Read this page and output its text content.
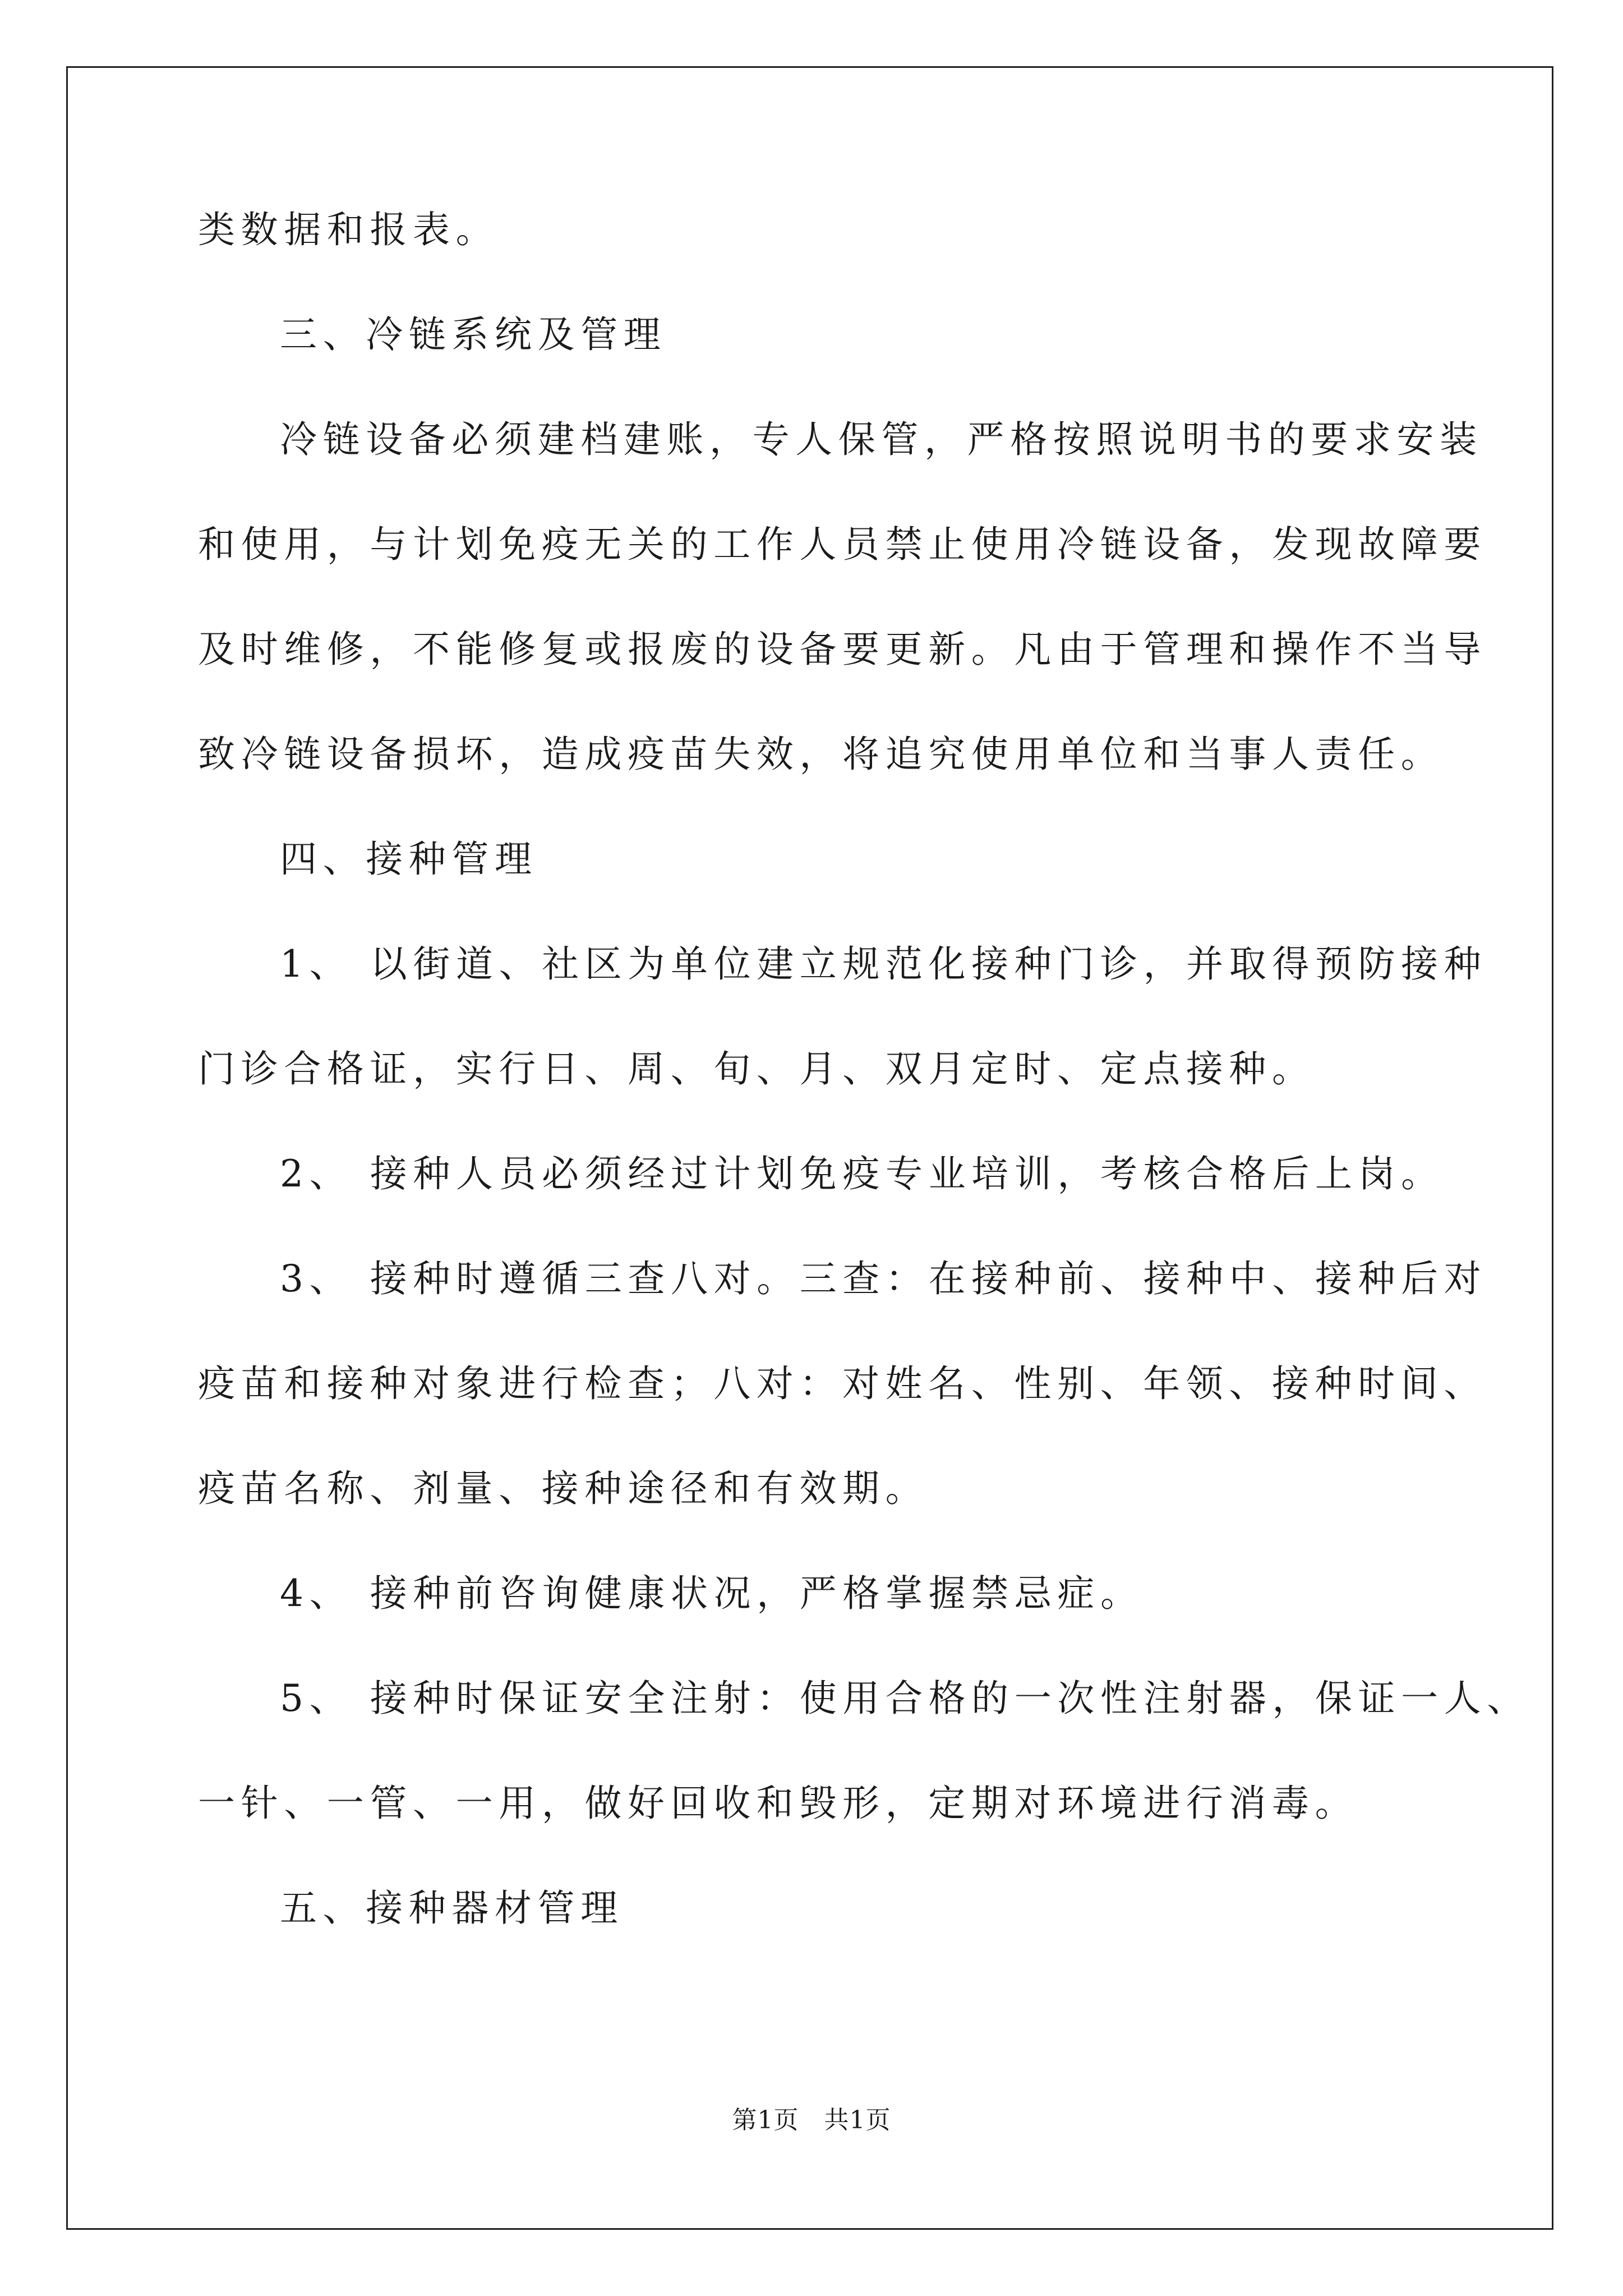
类数据和报表。
三、冷链系统及管理
冷链设备必须建档建账，专人保管，严格按照说明书的要求安装
和使用，与计划免疫无关的工作人员禁止使用冷链设备，发现故障要
及时维修，不能修复或报废的设备要更新。凡由于管理和操作不当导
致冷链设备损坏，造成疫苗失效，将追究使用单位和当事人责任。
四、接种管理
1、 以街道、社区为单位建立规范化接种门诊，并取得预防接种
门诊合格证，实行日、周、旬、月、双月定时、定点接种。
2、 接种人员必须经过计划免疫专业培训，考核合格后上岗。
3、 接种时遵循三查八对。三查：在接种前、接种中、接种后对
疫苗和接种对象进行检查；八对：对姓名、性别、年领、接种时间、
疫苗名称、剂量、接种途径和有效期。
4、 接种前咨询健康状况，严格掌握禁忌症。
5、 接种时保证安全注射：使用合格的一次性注射器，保证一人、
一针、一管、一用，做好回收和毁形，定期对环境进行消毒。
五、接种器材管理
第1页　共1页
